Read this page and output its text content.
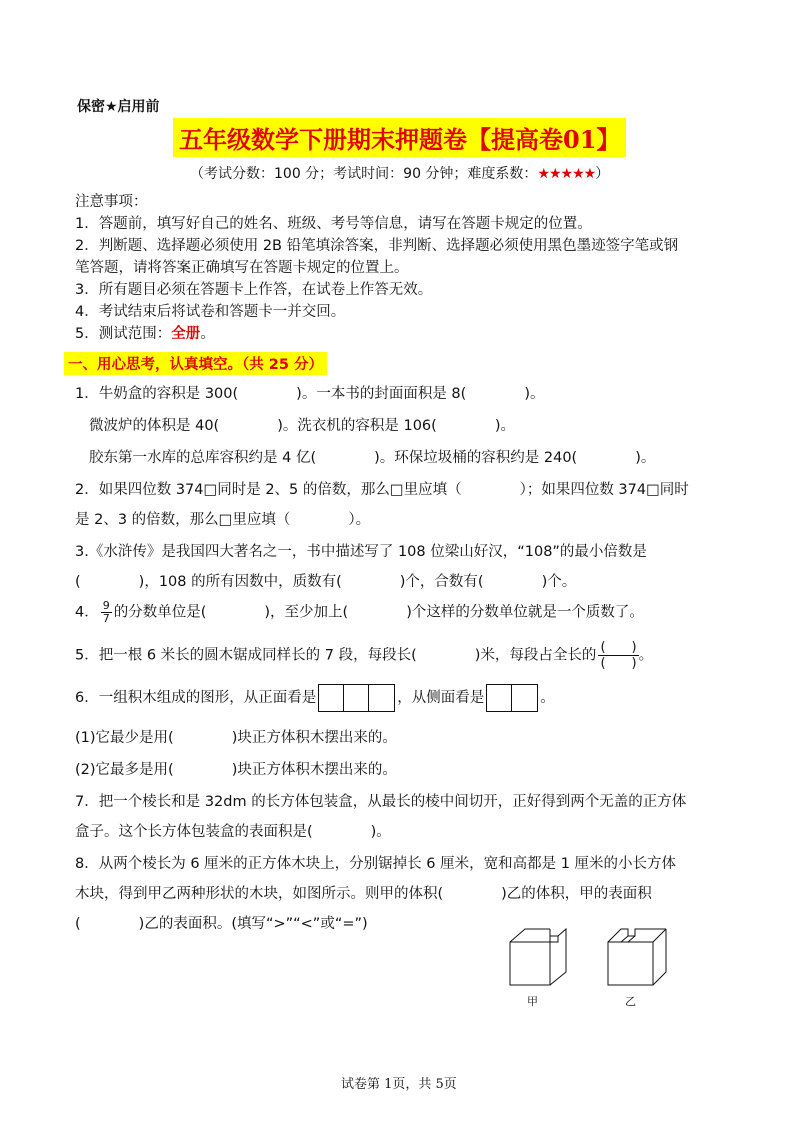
保密★启用前
五年级数学下册期末押题卷【提高卷01】
（考试分数：100 分；考试时间：90 分钟；难度系数：★★★★★）
注意事项：
1．答题前，填写好自己的姓名、班级、考号等信息，请写在答题卡规定的位置。
2．判断题、选择题必须使用 2B 铅笔填涂答案，非判断、选择题必须使用黑色墨迹签字笔或钢
笔答题，请将答案正确填写在答题卡规定的位置上。
3．所有题目必须在答题卡上作答，在试卷上作答无效。
4．考试结束后将试卷和答题卡一并交回。
5．测试范围：全册。
一、用心思考，认真填空。（共 25 分）
1．牛奶盒的容积是 300(　　　　)。一本书的封面面积是 8(　　　　)。
微波炉的体积是 40(　　　　)。洗衣机的容积是 106(　　　　)。
胶东第一水库的总库容积约是 4 亿(　　　　)。环保垃圾桶的容积约是 240(　　　　)。
2．如果四位数 374□同时是 2、5 的倍数，那么□里应填（　　　　）；如果四位数 374□同时
是 2、3 的倍数，那么□里应填（　　　　）。
3.《水浒传》是我国四大著名之一，书中描述写了 108 位梁山好汉，“108”的最小倍数是
(　　　　)，108 的所有因数中，质数有(　　　　)个，合数有(　　　　)个。
4． $\frac{9}{7}$ 的分数单位是(　　　　)，至少加上(　　　　)个这样的分数单位就是一个质数了。
5．把一根 6 米长的圆木锯成同样长的 7 段，每段长(　　　　)米，每段占全长的 $\frac{( )}{( )}$ 。
6．一组积木组成的图形，从正面看是	，从侧面看是	。
(1)它最少是用(　　　　)块正方体积木摆出来的。
(2)它最多是用(　　　　)块正方体积木摆出来的。
7．把一个棱长和是 32dm 的长方体包装盒，从最长的棱中间切开，正好得到两个无盖的正方体
盒子。这个长方体包装盒的表面积是(　　　　)。
8．从两个棱长为 6 厘米的正方体木块上，分别锯掉长 6 厘米，宽和高都是 1 厘米的小长方体
木块，得到甲乙两种形状的木块，如图所示。则甲的体积(　　　　)乙的体积，甲的表面积
(　　　　)乙的表面积。(填写“>”“<”或“=”)
甲	乙
试卷第 1页，共 5页
